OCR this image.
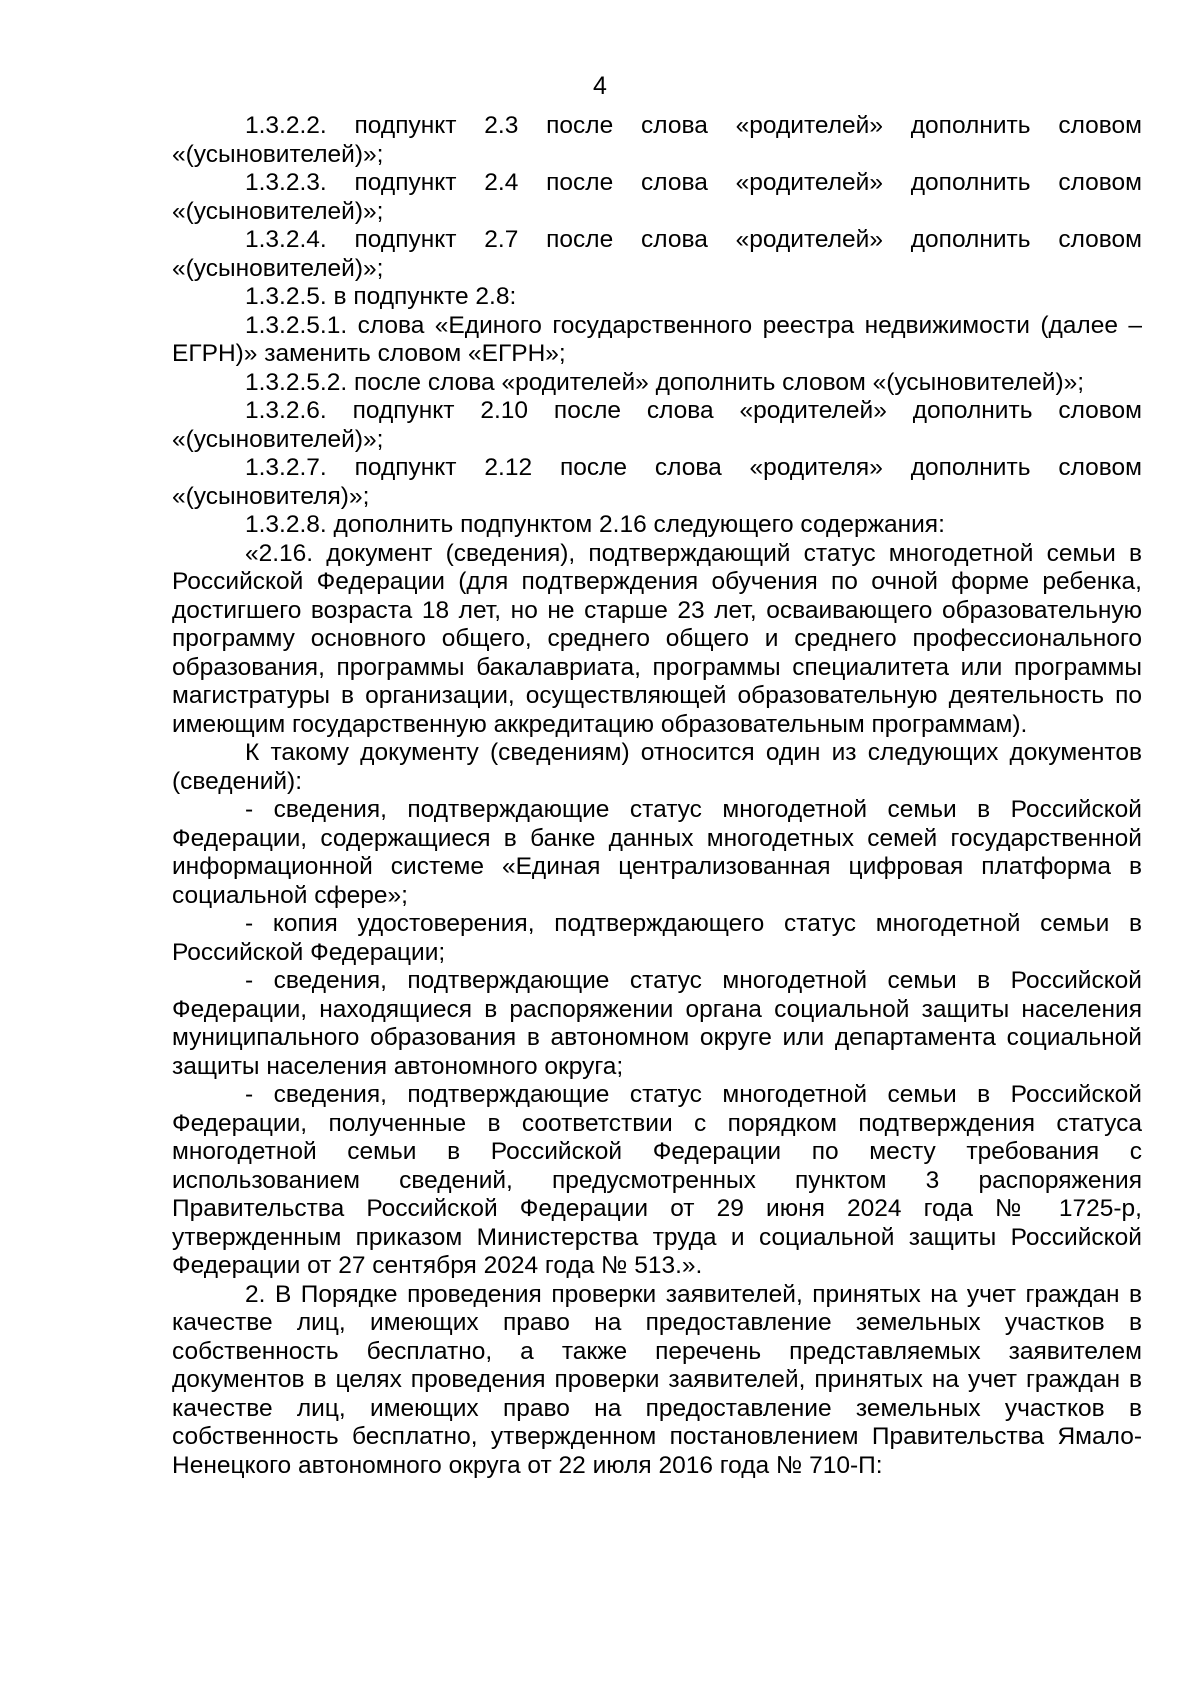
4

1.3.2.2. подпункт 2.3 после слова «родителей» дополнить словом «(усыновителей)»;

1.3.2.3. подпункт 2.4 после слова «родителей» дополнить словом «(усыновителей)»;

1.3.2.4. подпункт 2.7 после слова «родителей» дополнить словом «(усыновителей)»;

1.3.2.5. в подпункте 2.8:

1.3.2.5.1. слова «Единого государственного реестра недвижимости (далее – ЕГРН)» заменить словом «ЕГРН»;

1.3.2.5.2. после слова «родителей» дополнить словом «(усыновителей)»;

1.3.2.6. подпункт 2.10 после слова «родителей» дополнить словом «(усыновителей)»;

1.3.2.7. подпункт 2.12 после слова «родителя» дополнить словом «(усыновителя)»;

1.3.2.8. дополнить подпунктом 2.16 следующего содержания:

«2.16. документ (сведения), подтверждающий статус многодетной семьи в Российской Федерации (для подтверждения обучения по очной форме ребенка, достигшего возраста 18 лет, но не старше 23 лет, осваивающего образовательную программу основного общего, среднего общего и среднего профессионального образования, программы бакалавриата, программы специалитета или программы магистратуры в организации, осуществляющей образовательную деятельность по имеющим государственную аккредитацию образовательным программам).

К такому документу (сведениям) относится один из следующих документов (сведений):

- сведения, подтверждающие статус многодетной семьи в Российской Федерации, содержащиеся в банке данных многодетных семей государственной информационной системе «Единая централизованная цифровая платформа в социальной сфере»;

- копия удостоверения, подтверждающего статус многодетной семьи в Российской Федерации;

- сведения, подтверждающие статус многодетной семьи в Российской Федерации, находящиеся в распоряжении органа социальной защиты населения муниципального образования в автономном округе или департамента социальной защиты населения автономного округа;

- сведения, подтверждающие статус многодетной семьи в Российской Федерации, полученные в соответствии с порядком подтверждения статуса многодетной семьи в Российской Федерации по месту требования с использованием сведений, предусмотренных пунктом 3 распоряжения Правительства Российской Федерации от 29 июня 2024 года № 1725-р, утвержденным приказом Министерства труда и социальной защиты Российской Федерации от 27 сентября 2024 года № 513.».

2. В Порядке проведения проверки заявителей, принятых на учет граждан в качестве лиц, имеющих право на предоставление земельных участков в собственность бесплатно, а также перечень представляемых заявителем документов в целях проведения проверки заявителей, принятых на учет граждан в качестве лиц, имеющих право на предоставление земельных участков в собственность бесплатно, утвержденном постановлением Правительства Ямало-Ненецкого автономного округа от 22 июля 2016 года № 710-П:
